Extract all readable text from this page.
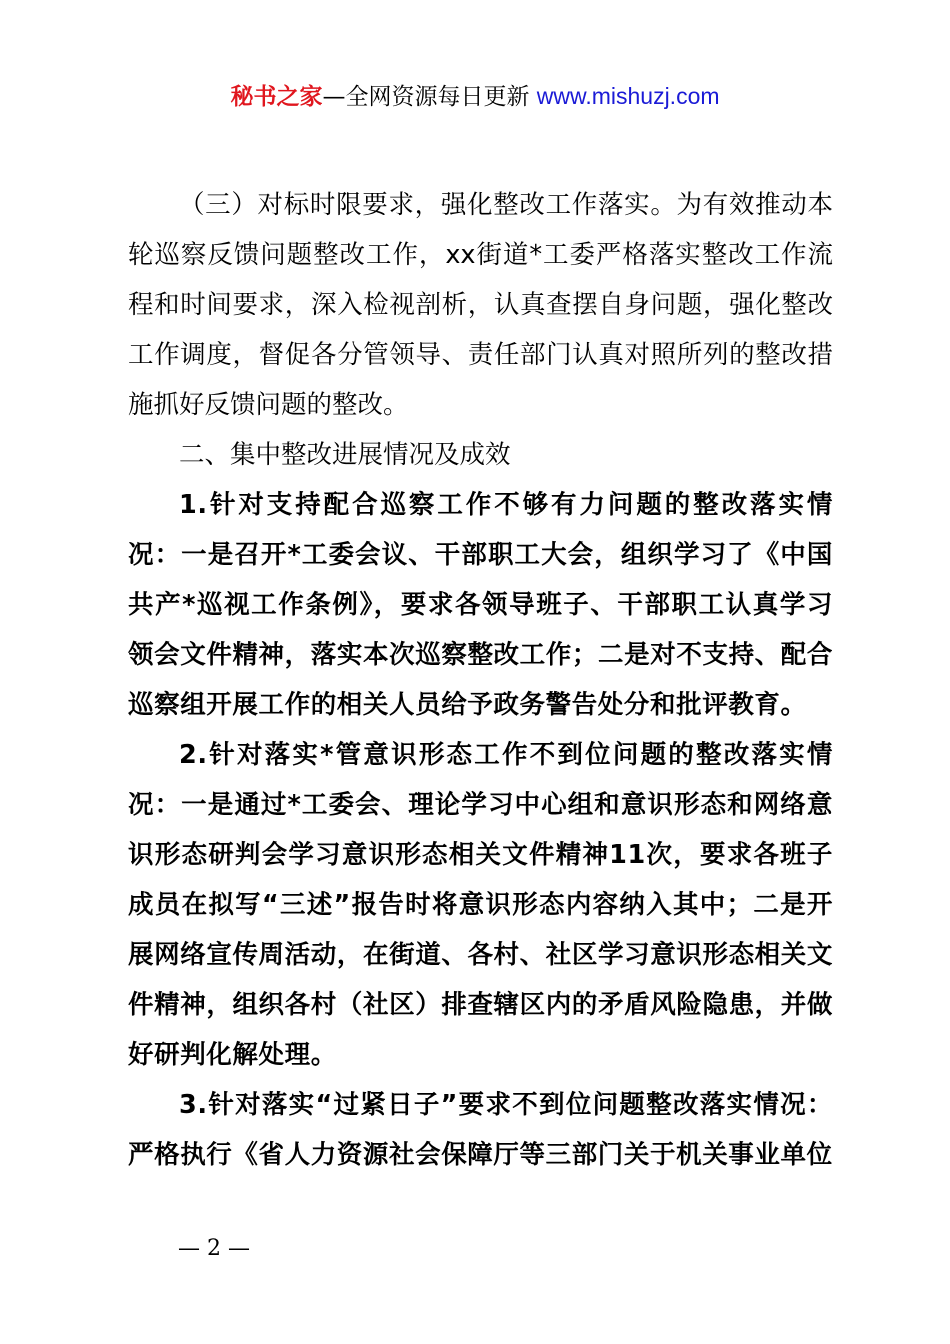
秘书之家—全网资源每日更新 www.mishuzj.com

（三）对标时限要求，强化整改工作落实。为有效推动本轮巡察反馈问题整改工作，xx街道*工委严格落实整改工作流程和时间要求，深入检视剖析，认真查摆自身问题，强化整改工作调度，督促各分管领导、责任部门认真对照所列的整改措施抓好反馈问题的整改。

二、集中整改进展情况及成效

1.针对支持配合巡察工作不够有力问题的整改落实情况：一是召开*工委会议、干部职工大会，组织学习了《中国共产*巡视工作条例》，要求各领导班子、干部职工认真学习领会文件精神，落实本次巡察整改工作；二是对不支持、配合巡察组开展工作的相关人员给予政务警告处分和批评教育。

2.针对落实*管意识形态工作不到位问题的整改落实情况：一是通过*工委会、理论学习中心组和意识形态和网络意识形态研判会学习意识形态相关文件精神11次，要求各班子成员在拟写“三述”报告时将意识形态内容纳入其中；二是开展网络宣传周活动，在街道、各村、社区学习意识形态相关文件精神，组织各村（社区）排查辖区内的矛盾风险隐患，并做好研判化解处理。

3.针对落实“过紧日子”要求不到位问题整改落实情况：严格执行《省人力资源社会保障厅等三部门关于机关事业单位

— 2 —
